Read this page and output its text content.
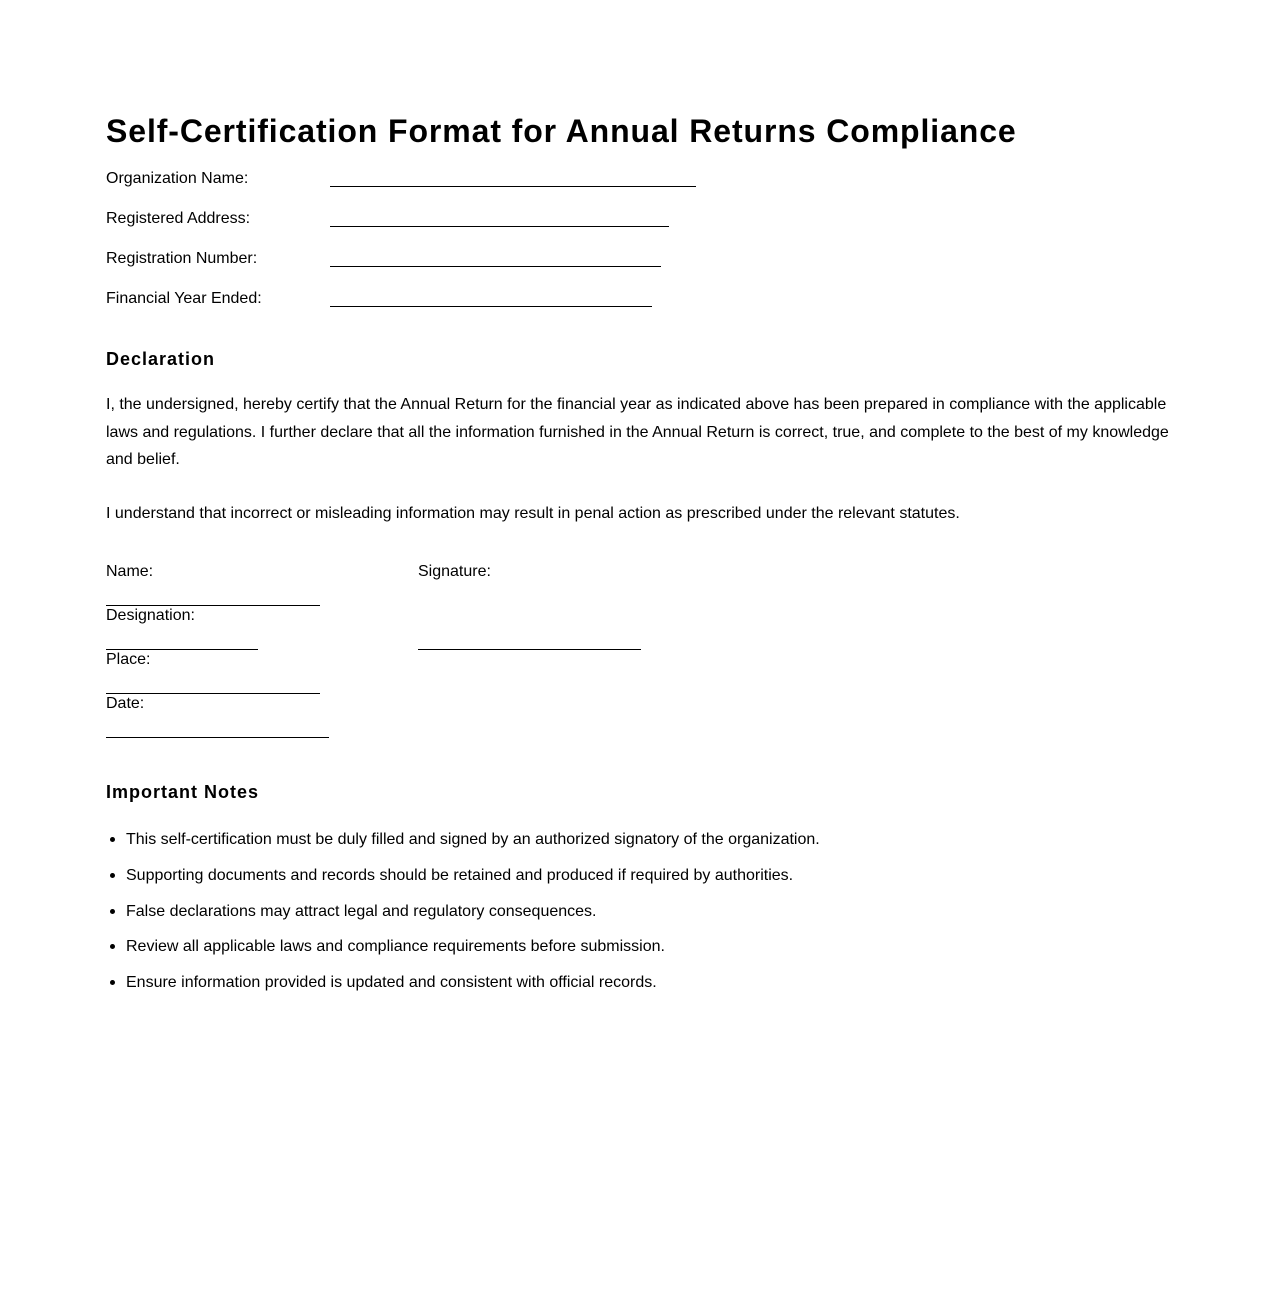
Self-Certification Format for Annual Returns Compliance
Organization Name:
Registered Address:
Registration Number:
Financial Year Ended:
Declaration

I, the undersigned, hereby certify that the Annual Return for the financial year as indicated above has been prepared in compliance with the applicable laws and regulations. I further declare that all the information furnished in the Annual Return is correct, true, and complete to the best of my knowledge and belief.

I understand that incorrect or misleading information may result in penal action as prescribed under the relevant statutes.

Name:
Designation:
Place:
Date:
Signature:
Important Notes
This self-certification must be duly filled and signed by an authorized signatory of the organization.
Supporting documents and records should be retained and produced if required by authorities.
False declarations may attract legal and regulatory consequences.
Review all applicable laws and compliance requirements before submission.
Ensure information provided is updated and consistent with official records.
